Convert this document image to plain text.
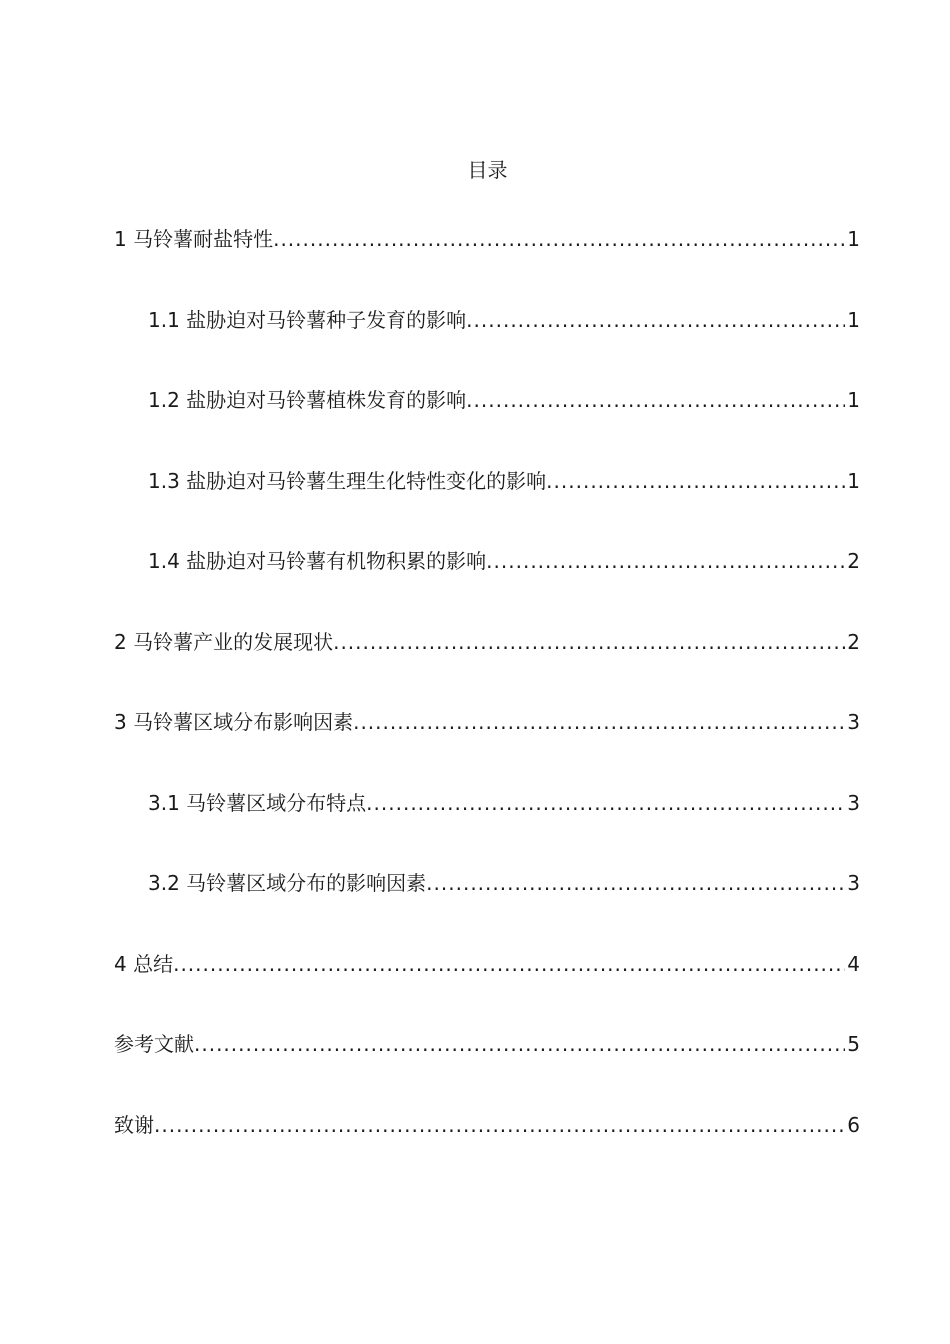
目录
1 马铃薯耐盐特性 .....	1
1.1 盐胁迫对马铃薯种子发育的影响 .....	1
1.2 盐胁迫对马铃薯植株发育的影响 .....	1
1.3 盐胁迫对马铃薯生理生化特性变化的影响 .....	1
1.4 盐胁迫对马铃薯有机物积累的影响 .....	2
2 马铃薯产业的发展现状 .....	2
3 马铃薯区域分布影响因素 .....	3
3.1 马铃薯区域分布特点 .....	3
3.2 马铃薯区域分布的影响因素 .....	3
4 总结 .....	4
参考文献 .....	5
致谢 .....	6
